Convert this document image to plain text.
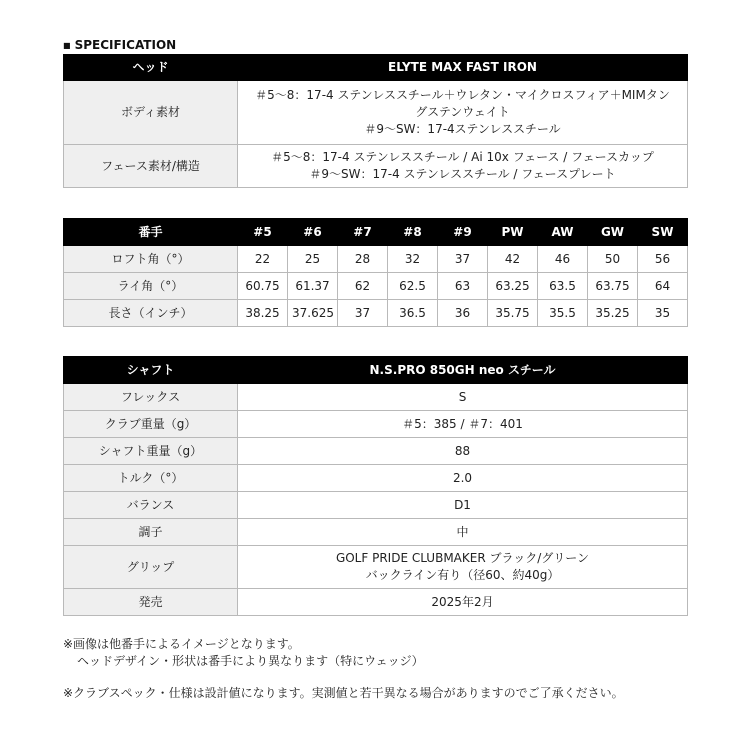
■ SPECIFICATION
ヘッド	ELYTE MAX FAST IRON
ボディ素材	＃5～8：17-4 ステンレススチール＋ウレタン・マイクロスフィア＋MIMタン
グステンウェイト
＃9～SW：17-4ステンレススチール

フェース素材/構造	＃5～8：17-4 ステンレススチール / Ai 10x フェース / フェースカップ
＃9～SW：17-4 ステンレススチール / フェースプレート
番手	#5	#6	#7	#8	#9	PW	AW	GW	SW
ロフト角（°）	22	25	28	32	37	42	46	50	56
ライ角（°）	60.75	61.37	62	62.5	63	63.25	63.5	63.75	64
長さ（インチ）	38.25	37.625	37	36.5	36	35.75	35.5	35.25	35
シャフト	N.S.PRO 850GH neo スチール
フレックス	S
クラブ重量（g）	＃5：385 / ＃7：401
シャフト重量（g）	88
トルク（°）	2.0
バランス	D1
調子	中
グリップ	GOLF PRIDE CLUBMAKER ブラック/グリーン
バックライン有り（径60、約40g）

発売	2025年2月
※画像は他番手によるイメージとなります。
ヘッドデザイン・形状は番手により異なります（特にウェッジ）
※クラブスペック・仕様は設計値になります。実測値と若干異なる場合がありますのでご了承ください。
